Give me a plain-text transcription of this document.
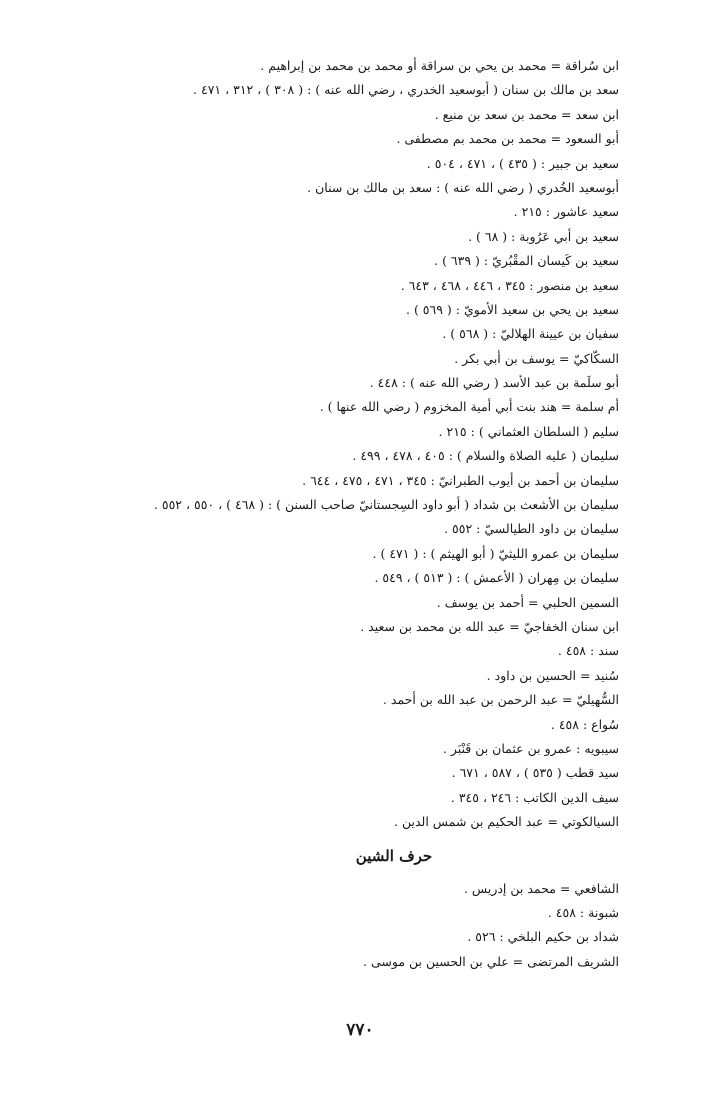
ابن سُراقة = محمد بن يحي بن سراقة أو محمد بن محمد بن إبراهيم .
سعد بن مالك بن سنان ( أبوسعيد الخدري ، رضي الله عنه ) : ( ٣٠٨ ) ، ٣١٢ ، ٤٧١ .
ابن سعد = محمد بن سعد بن منيع .
أبو السعود = محمد بن محمد بم مصطفى .
سعيد بن جبير : ( ٤٣٥ ) ، ٤٧١ ، ٥٠٤ .
أبوسعيد الخُدري ( رضي الله عنه ) : سعد بن مالك بن سنان .
سعيد عاشور : ٢١٥ .
سعيد بن أبي عَرُوبة : ( ٦٨ ) .
سعيد بن كَيسان المقْبُريّ : ( ٦٣٩ ) .
سعيد بن منصور : ٣٤٥ ، ٤٤٦ ، ٤٦٨ ، ٦٤٣ .
سعيد بن يحي بن سعيد الأمويّ : ( ٥٦٩ ) .
سفيان بن عيينة الهلاليّ : ( ٥٦٨ ) .
السكّاكيّ = يوسف بن أبي بكر .
أبو سلَمة بن عبد الأسد ( رضي الله عنه ) : ٤٤٨ .
أم سلمة = هند بنت أبي أمية المخزوم ( رضي الله عنها ) .
سليم ( السلطان العثماني ) : ٢١٥ .
سليمان ( عليه الصلاة والسلام ) : ٤٠٥ ، ٤٧٨ ، ٤٩٩ .
سليمان بن أحمد بن أيوب الطبرانيّ : ٣٤٥ ، ٤٧١ ، ٤٧٥ ، ٦٤٤ .
سليمان بن الأشعث بن شداد ( أبو داود السِجستانيّ صاحب السنن ) : ( ٤٦٨ ) ، ٥٥٠ ، ٥٥٢ .
سليمان بن داود الطيالسيّ : ٥٥٢ .
سليمان بن عمرو الليثيّ ( أبو الهيثم ) : ( ٤٧١ ) .
سليمان بن مِهران ( الأعمش ) : ( ٥١٣ ) ، ٥٤٩ .
السمين الحلبي = أحمد بن يوسف .
ابن سنان الخفاجيّ = عبد الله بن محمد بن سعيد .
سند : ٤٥٨ .
سُنيد = الحسين بن داود .
السُّهيليّ = عبد الرحمن بن عبد الله بن أحمد .
سُواع : ٤٥٨ .
سيبويه : عمرو بن عثمان بن قَنْبَر .
سيد قطب ( ٥٣٥ ) ، ٥٨٧ ، ٦٧١ .
سيف الدين الكاتب : ٢٤٦ ، ٣٤٥ .
السيالكوتي = عبد الحكيم بن شمس الدين .
حرف الشين
الشافعي = محمد بن إدريس .
شبونة : ٤٥٨ .
شداد بن حكيم البلخي : ٥٢٦ .
الشريف المرتضى = علي بن الحسين بن موسى .
٧٧٠
